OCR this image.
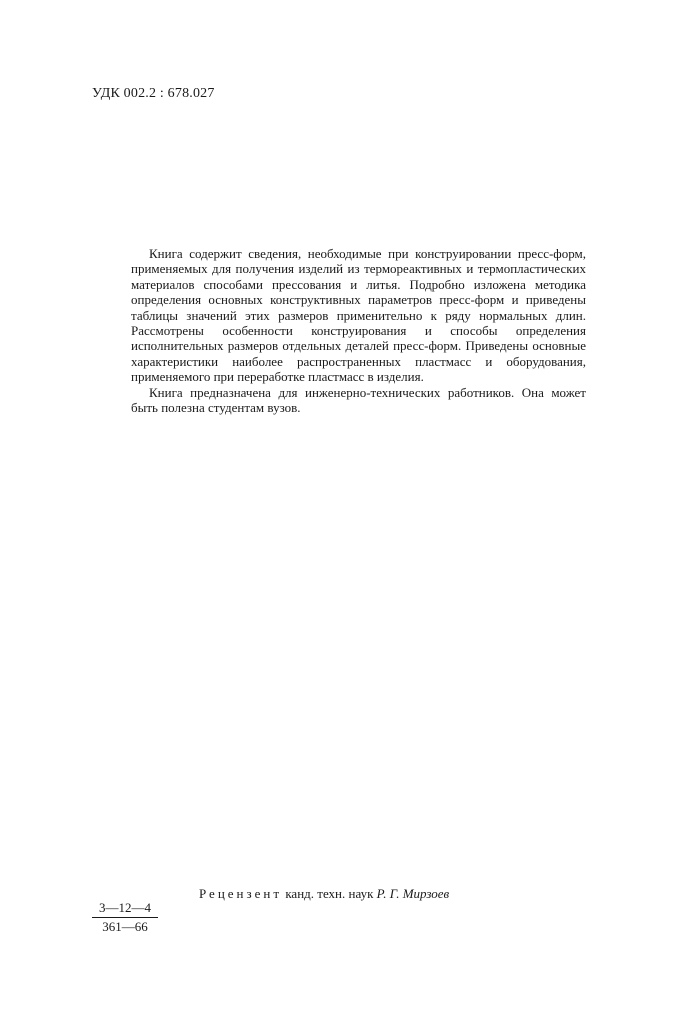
УДК 002.2 : 678.027

Книга содержит сведения, необходимые при конструировании пресс-форм, применяемых для получения изделий из термореактивных и термопластических материалов способами прессования и литья. Подробно изложена методика определения основных конструктивных параметров пресс-форм и приведены таблицы значений этих размеров применительно к ряду нормальных длин. Рассмотрены особенности конструирования и способы определения исполнительных размеров отдельных деталей пресс-форм. Приведены основные характеристики наиболее распространенных пластмасс и оборудования, применяемого при переработке пластмасс в изделия.

Книга предназначена для инженерно-технических работников. Она может быть полезна студентам вузов.

Рецензент канд. техн. наук Р. Г. Мирзоев
$\frac{3—12—4}{361—66}$
